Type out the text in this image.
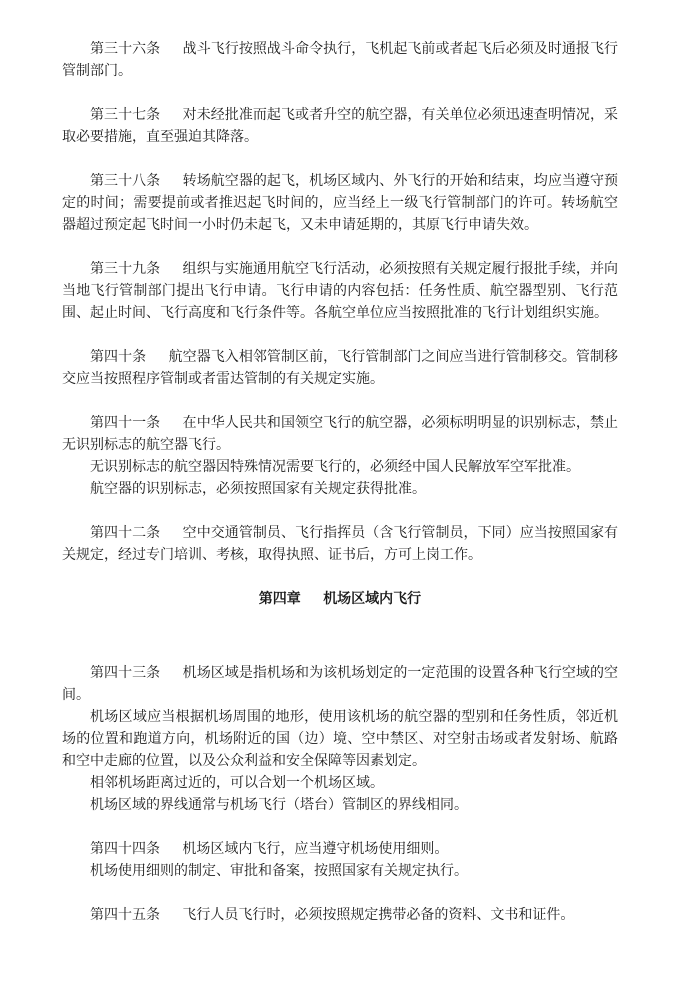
第三十六条 战斗飞行按照战斗命令执行，飞机起飞前或者起飞后必须及时通报飞行管制部门。

第三十七条 对未经批准而起飞或者升空的航空器，有关单位必须迅速查明情况，采取必要措施，直至强迫其降落。

第三十八条 转场航空器的起飞，机场区域内、外飞行的开始和结束，均应当遵守预定的时间；需要提前或者推迟起飞时间的，应当经上一级飞行管制部门的许可。转场航空器超过预定起飞时间一小时仍未起飞，又未申请延期的，其原飞行申请失效。

第三十九条 组织与实施通用航空飞行活动，必须按照有关规定履行报批手续，并向当地飞行管制部门提出飞行申请。飞行申请的内容包括：任务性质、航空器型别、飞行范围、起止时间、飞行高度和飞行条件等。各航空单位应当按照批准的飞行计划组织实施。

第四十条 航空器飞入相邻管制区前，飞行管制部门之间应当进行管制移交。管制移交应当按照程序管制或者雷达管制的有关规定实施。

第四十一条 在中华人民共和国领空飞行的航空器，必须标明明显的识别标志，禁止无识别标志的航空器飞行。

无识别标志的航空器因特殊情况需要飞行的，必须经中国人民解放军空军批准。

航空器的识别标志，必须按照国家有关规定获得批准。

第四十二条 空中交通管制员、飞行指挥员（含飞行管制员，下同）应当按照国家有关规定，经过专门培训、考核，取得执照、证书后，方可上岗工作。

第四章 机场区域内飞行

第四十三条 机场区域是指机场和为该机场划定的一定范围的设置各种飞行空域的空间。

机场区域应当根据机场周围的地形，使用该机场的航空器的型别和任务性质，邻近机场的位置和跑道方向，机场附近的国（边）境、空中禁区、对空射击场或者发射场、航路和空中走廊的位置，以及公众利益和安全保障等因素划定。

相邻机场距离过近的，可以合划一个机场区域。

机场区域的界线通常与机场飞行（塔台）管制区的界线相同。

第四十四条 机场区域内飞行，应当遵守机场使用细则。

机场使用细则的制定、审批和备案，按照国家有关规定执行。

第四十五条 飞行人员飞行时，必须按照规定携带必备的资料、文书和证件。
